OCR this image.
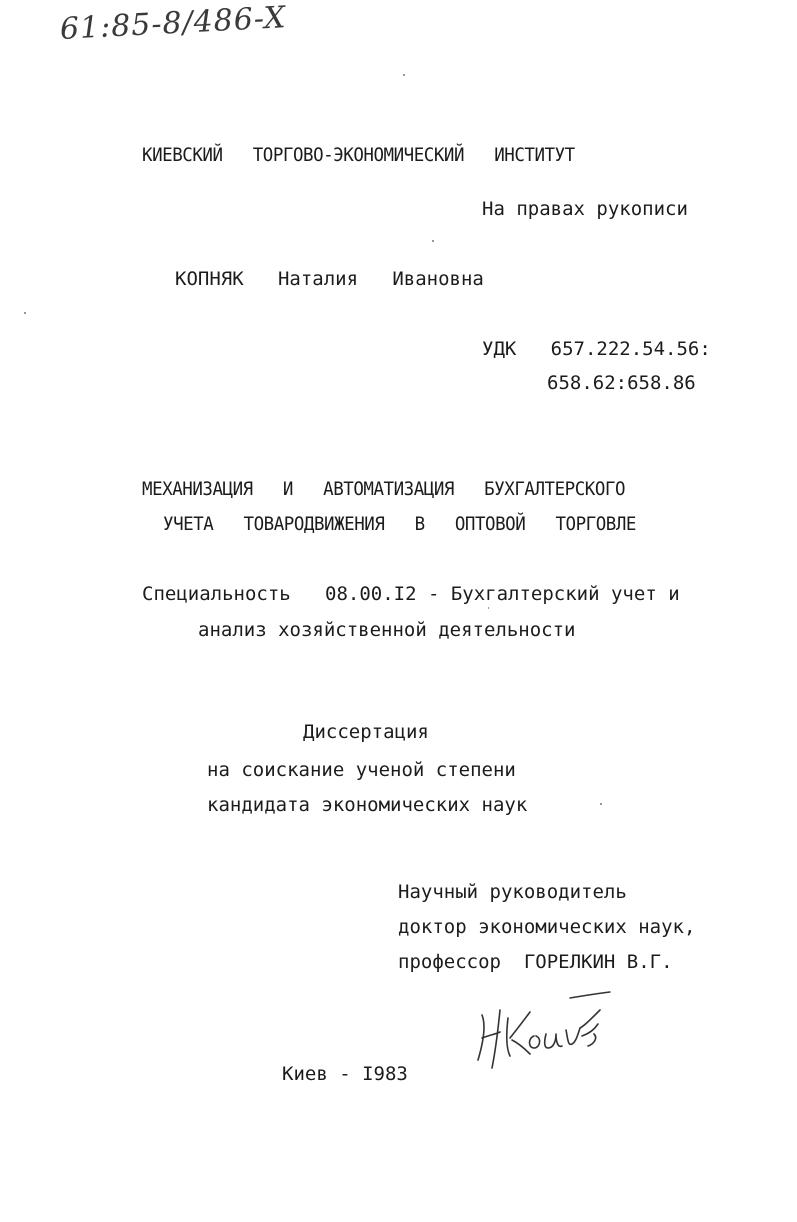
61:85-8/486-X
КИЕВСКИЙ   ТОРГОВО-ЭКОНОМИЧЕСКИЙ   ИНСТИТУТ
На правах рукописи
КОПНЯК   Наталия   Ивановна
УДК   657.222.54.56:
658.62:658.86
МЕХАНИЗАЦИЯ   И   АВТОМАТИЗАЦИЯ   БУХГАЛТЕРСКОГО
УЧЕТА   ТОВАРОДВИЖЕНИЯ   В   ОПТОВОЙ   ТОРГОВЛЕ
Специальность   08.00.I2 - Бухгалтерский учет и
анализ хозяйственной деятельности
Диссертация
на соискание ученой степени
кандидата экономических наук
Научный руководитель
доктор экономических наук,
профессор  ГОРЕЛКИН В.Г.
Киев - I983
